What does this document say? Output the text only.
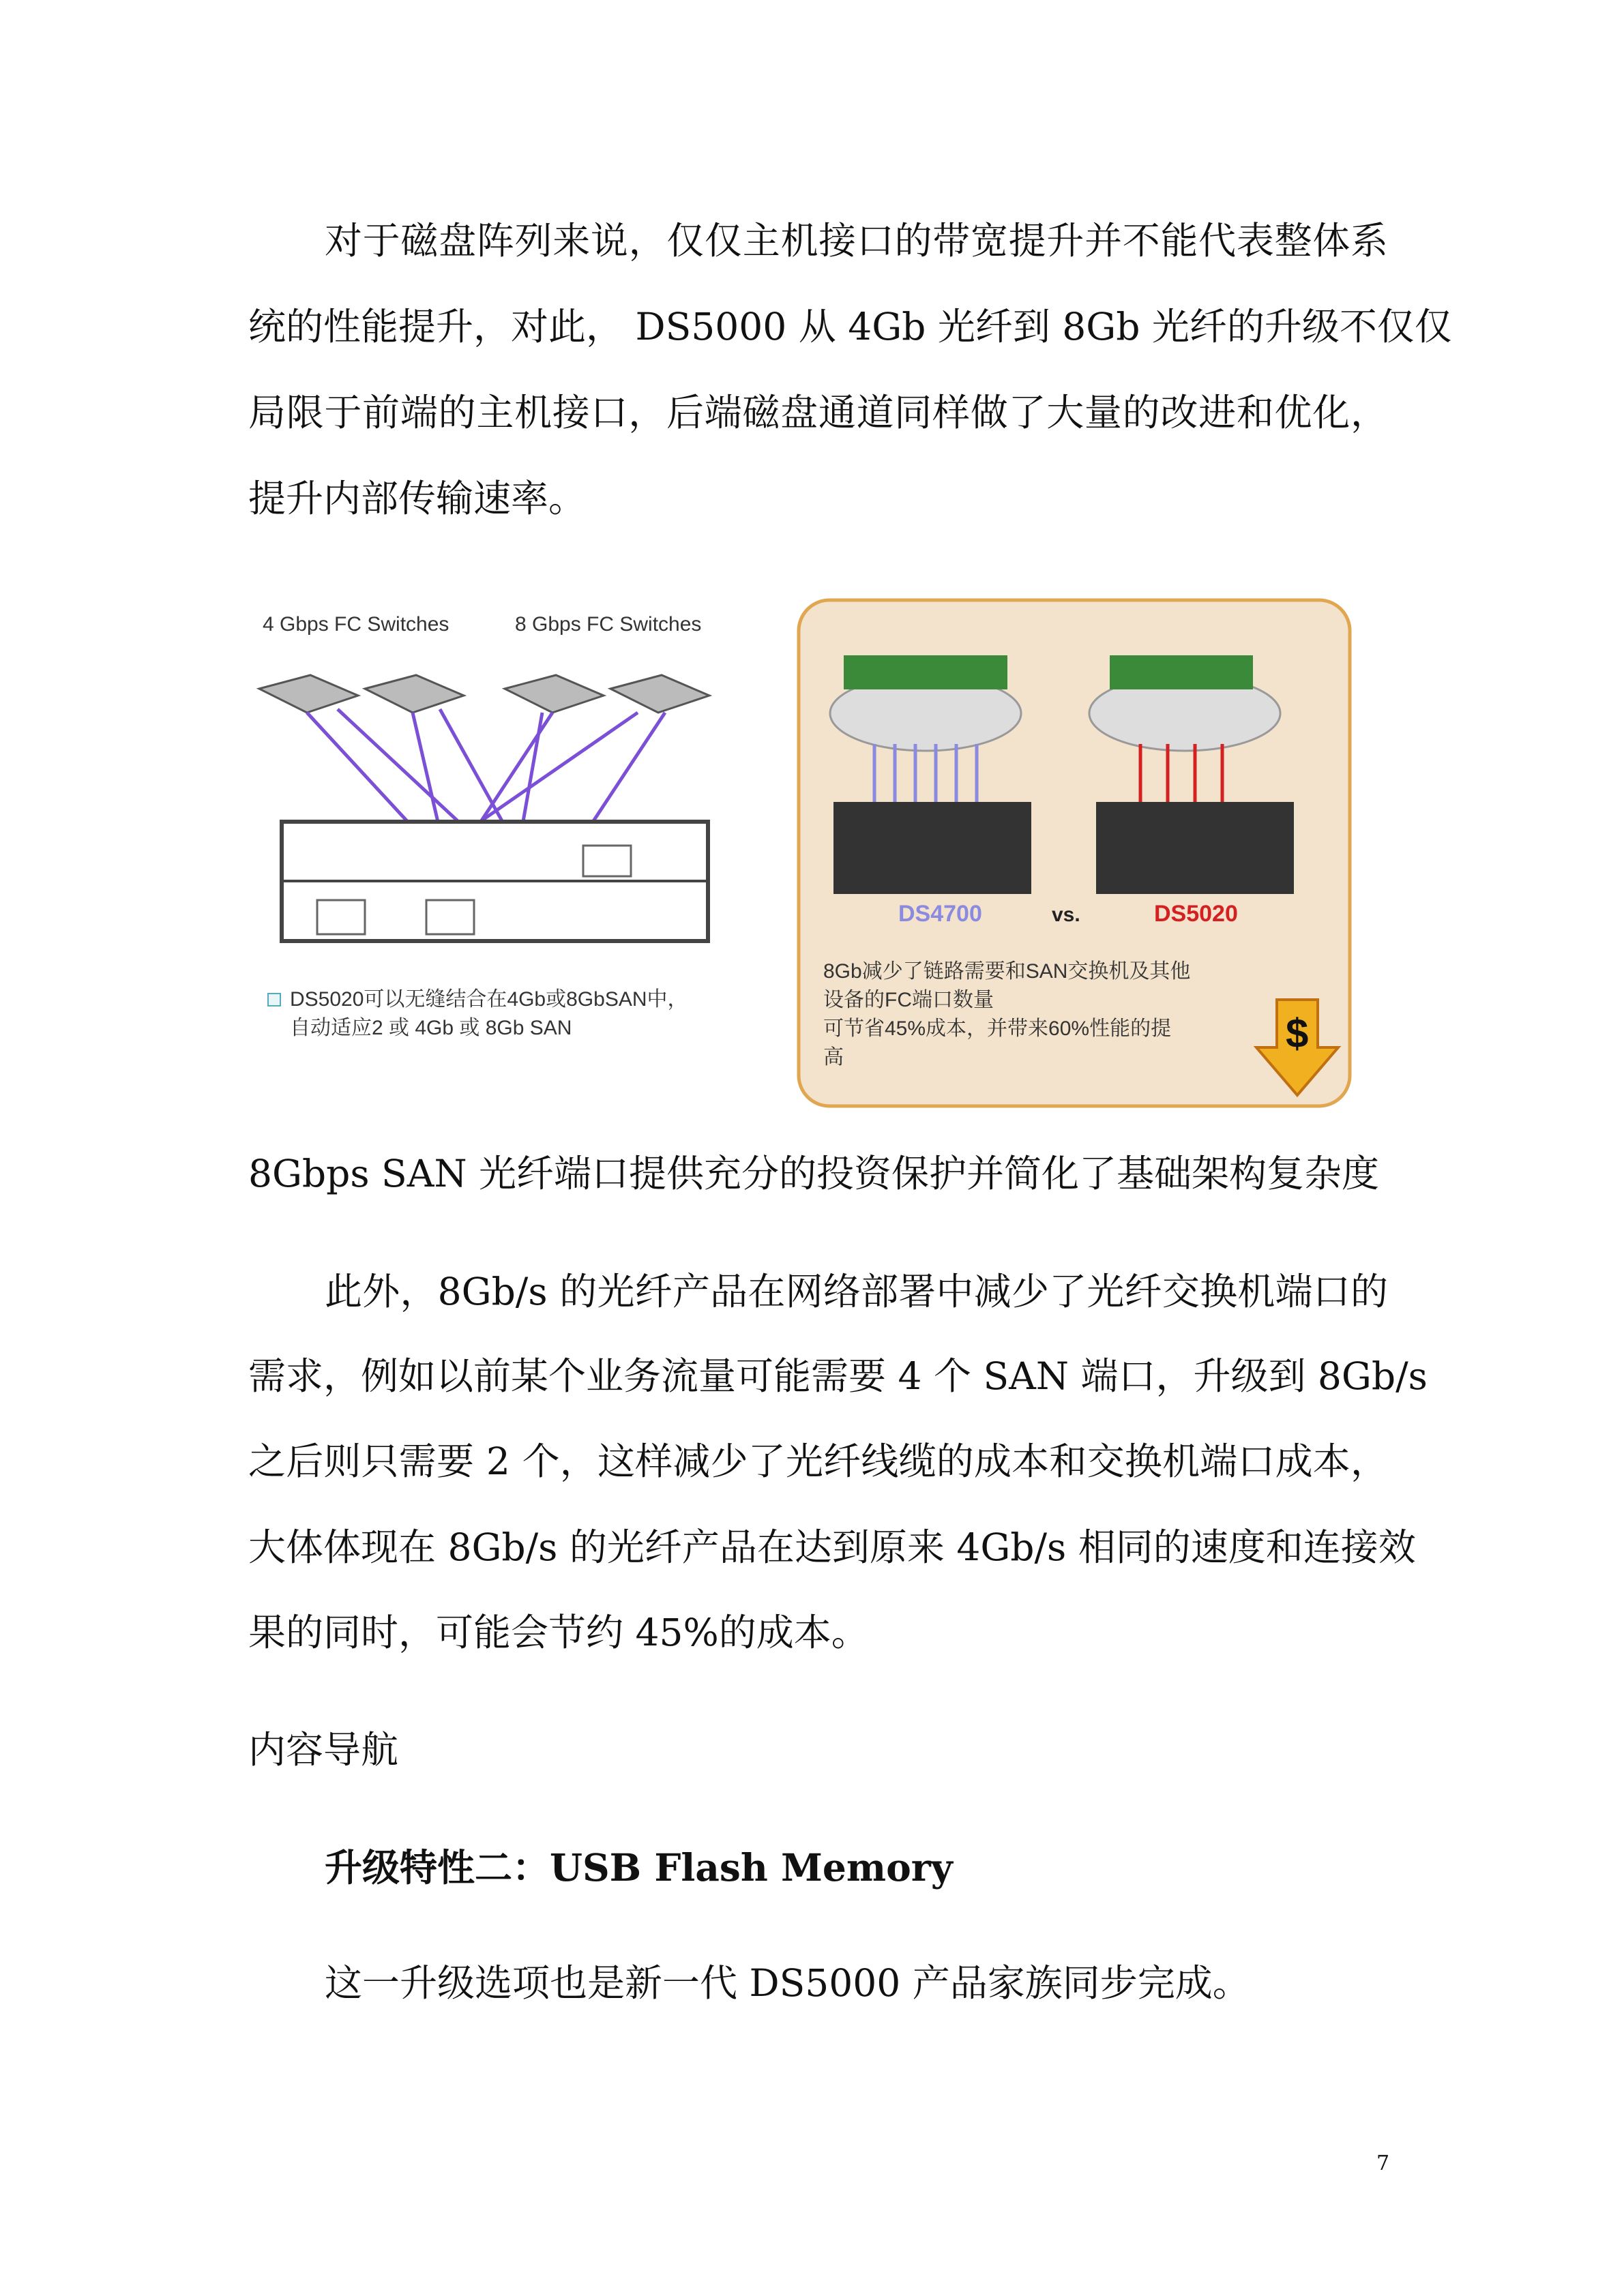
对于磁盘阵列来说，仅仅主机接口的带宽提升并不能代表整体系
统的性能提升，对此， DS5000 从 4Gb 光纤到 8Gb 光纤的升级不仅仅
局限于前端的主机接口，后端磁盘通道同样做了大量的改进和优化，
提升内部传输速率。
4 Gbps FC Switches	8 Gbps FC Switches
DS5020可以无缝结合在4Gb或8GbSAN中，
自动适应2 或 4Gb 或 8Gb SAN
DS4700	vs.	DS5020
8Gb减少了链路需要和SAN交换机及其他
设备的FC端口数量
可节省45%成本，并带来60%性能的提
高
$
8Gbps SAN 光纤端口提供充分的投资保护并简化了基础架构复杂度
此外，8Gb/s 的光纤产品在网络部署中减少了光纤交换机端口的
需求，例如以前某个业务流量可能需要 4 个 SAN 端口，升级到 8Gb/s
之后则只需要 2 个，这样减少了光纤线缆的成本和交换机端口成本，
大体体现在 8Gb/s 的光纤产品在达到原来 4Gb/s 相同的速度和连接效
果的同时，可能会节约 45%的成本。
内容导航
升级特性二：USB Flash Memory
这一升级选项也是新一代 DS5000 产品家族同步完成。
7
